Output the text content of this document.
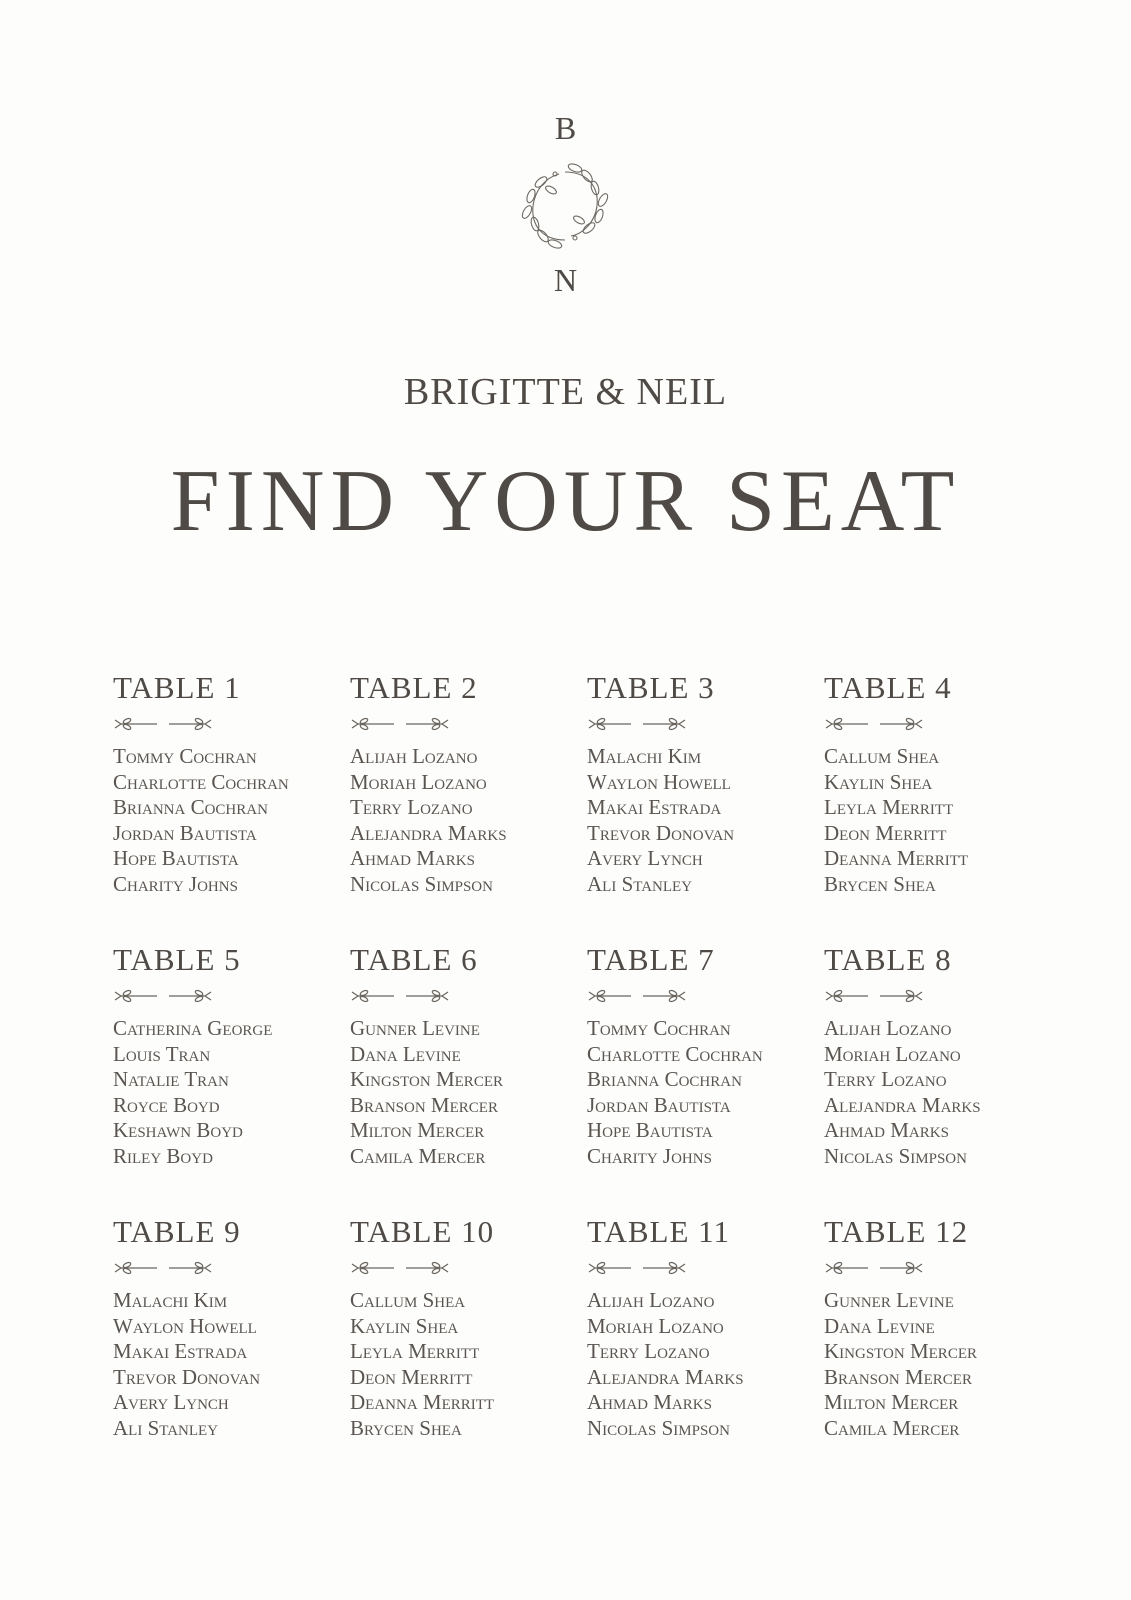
B
N
BRIGITTE & NEIL
FIND YOUR SEAT
TABLE 1
Tommy Cochran
Charlotte Cochran
Brianna Cochran
Jordan Bautista
Hope Bautista
Charity Johns
TABLE 2
Alijah Lozano
Moriah Lozano
Terry Lozano
Alejandra Marks
Ahmad Marks
Nicolas Simpson
TABLE 3
Malachi Kim
Waylon Howell
Makai Estrada
Trevor Donovan
Avery Lynch
Ali Stanley
TABLE 4
Callum Shea
Kaylin Shea
Leyla Merritt
Deon Merritt
Deanna Merritt
Brycen Shea
TABLE 5
Catherina George
Louis Tran
Natalie Tran
Royce Boyd
Keshawn Boyd
Riley Boyd
TABLE 6
Gunner Levine
Dana Levine
Kingston Mercer
Branson Mercer
Milton Mercer
Camila Mercer
TABLE 7
Tommy Cochran
Charlotte Cochran
Brianna Cochran
Jordan Bautista
Hope Bautista
Charity Johns
TABLE 8
Alijah Lozano
Moriah Lozano
Terry Lozano
Alejandra Marks
Ahmad Marks
Nicolas Simpson
TABLE 9
Malachi Kim
Waylon Howell
Makai Estrada
Trevor Donovan
Avery Lynch
Ali Stanley
TABLE 10
Callum Shea
Kaylin Shea
Leyla Merritt
Deon Merritt
Deanna Merritt
Brycen Shea
TABLE 11
Alijah Lozano
Moriah Lozano
Terry Lozano
Alejandra Marks
Ahmad Marks
Nicolas Simpson
TABLE 12
Gunner Levine
Dana Levine
Kingston Mercer
Branson Mercer
Milton Mercer
Camila Mercer
